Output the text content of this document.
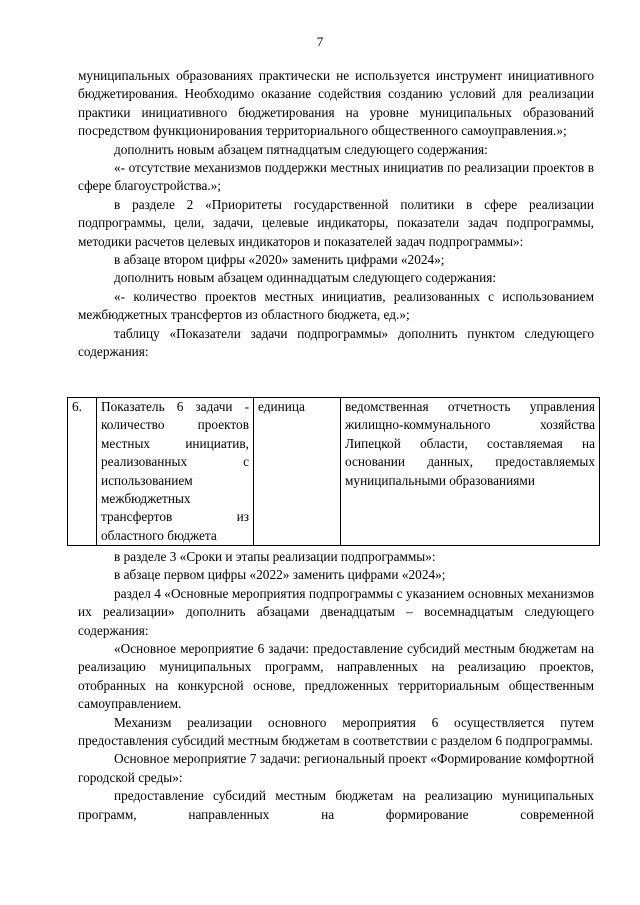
7

муниципальных образованиях практически не используется инструмент инициативного бюджетирования. Необходимо оказание содействия созданию условий для реализации практики инициативного бюджетирования на уровне муниципальных образований посредством функционирования территориального общественного самоуправления.»;

дополнить новым абзацем пятнадцатым следующего содержания:

«- отсутствие механизмов поддержки местных инициатив по реализации проектов в сфере благоустройства.»;

в разделе 2 «Приоритеты государственной политики в сфере реализации подпрограммы, цели, задачи, целевые индикаторы, показатели задач подпрограммы, методики расчетов целевых индикаторов и показателей задач подпрограммы»:

в абзаце втором цифры «2020» заменить цифрами «2024»;

дополнить новым абзацем одиннадцатым следующего содержания:

«- количество проектов местных инициатив, реализованных с использованием межбюджетных трансфертов из областного бюджета, ед.»;

таблицу «Показатели задачи подпрограммы» дополнить пунктом следующего содержания:

6.	Показатель 6 задачи - количество проектов местных инициатив, реализованных с использованием межбюджетных трансфертов из областного бюджета	единица	ведомственная отчетность управления жилищно-коммунального хозяйства Липецкой области, составляемая на основании данных, предоставляемых муниципальными образованиями

в разделе 3 «Сроки и этапы реализации подпрограммы»:

в абзаце первом цифры «2022» заменить цифрами «2024»;

раздел 4 «Основные мероприятия подпрограммы с указанием основных механизмов их реализации» дополнить абзацами двенадцатым – восемнадцатым следующего содержания:

«Основное мероприятие 6 задачи: предоставление субсидий местным бюджетам на реализацию муниципальных программ, направленных на реализацию проектов, отобранных на конкурсной основе, предложенных территориальным общественным самоуправлением.

Механизм реализации основного мероприятия 6 осуществляется путем предоставления субсидий местным бюджетам в соответствии с разделом 6 подпрограммы.

Основное мероприятие 7 задачи: региональный проект «Формирование комфортной городской среды»:

предоставление субсидий местным бюджетам на реализацию муниципальных программ, направленных на формирование современной
